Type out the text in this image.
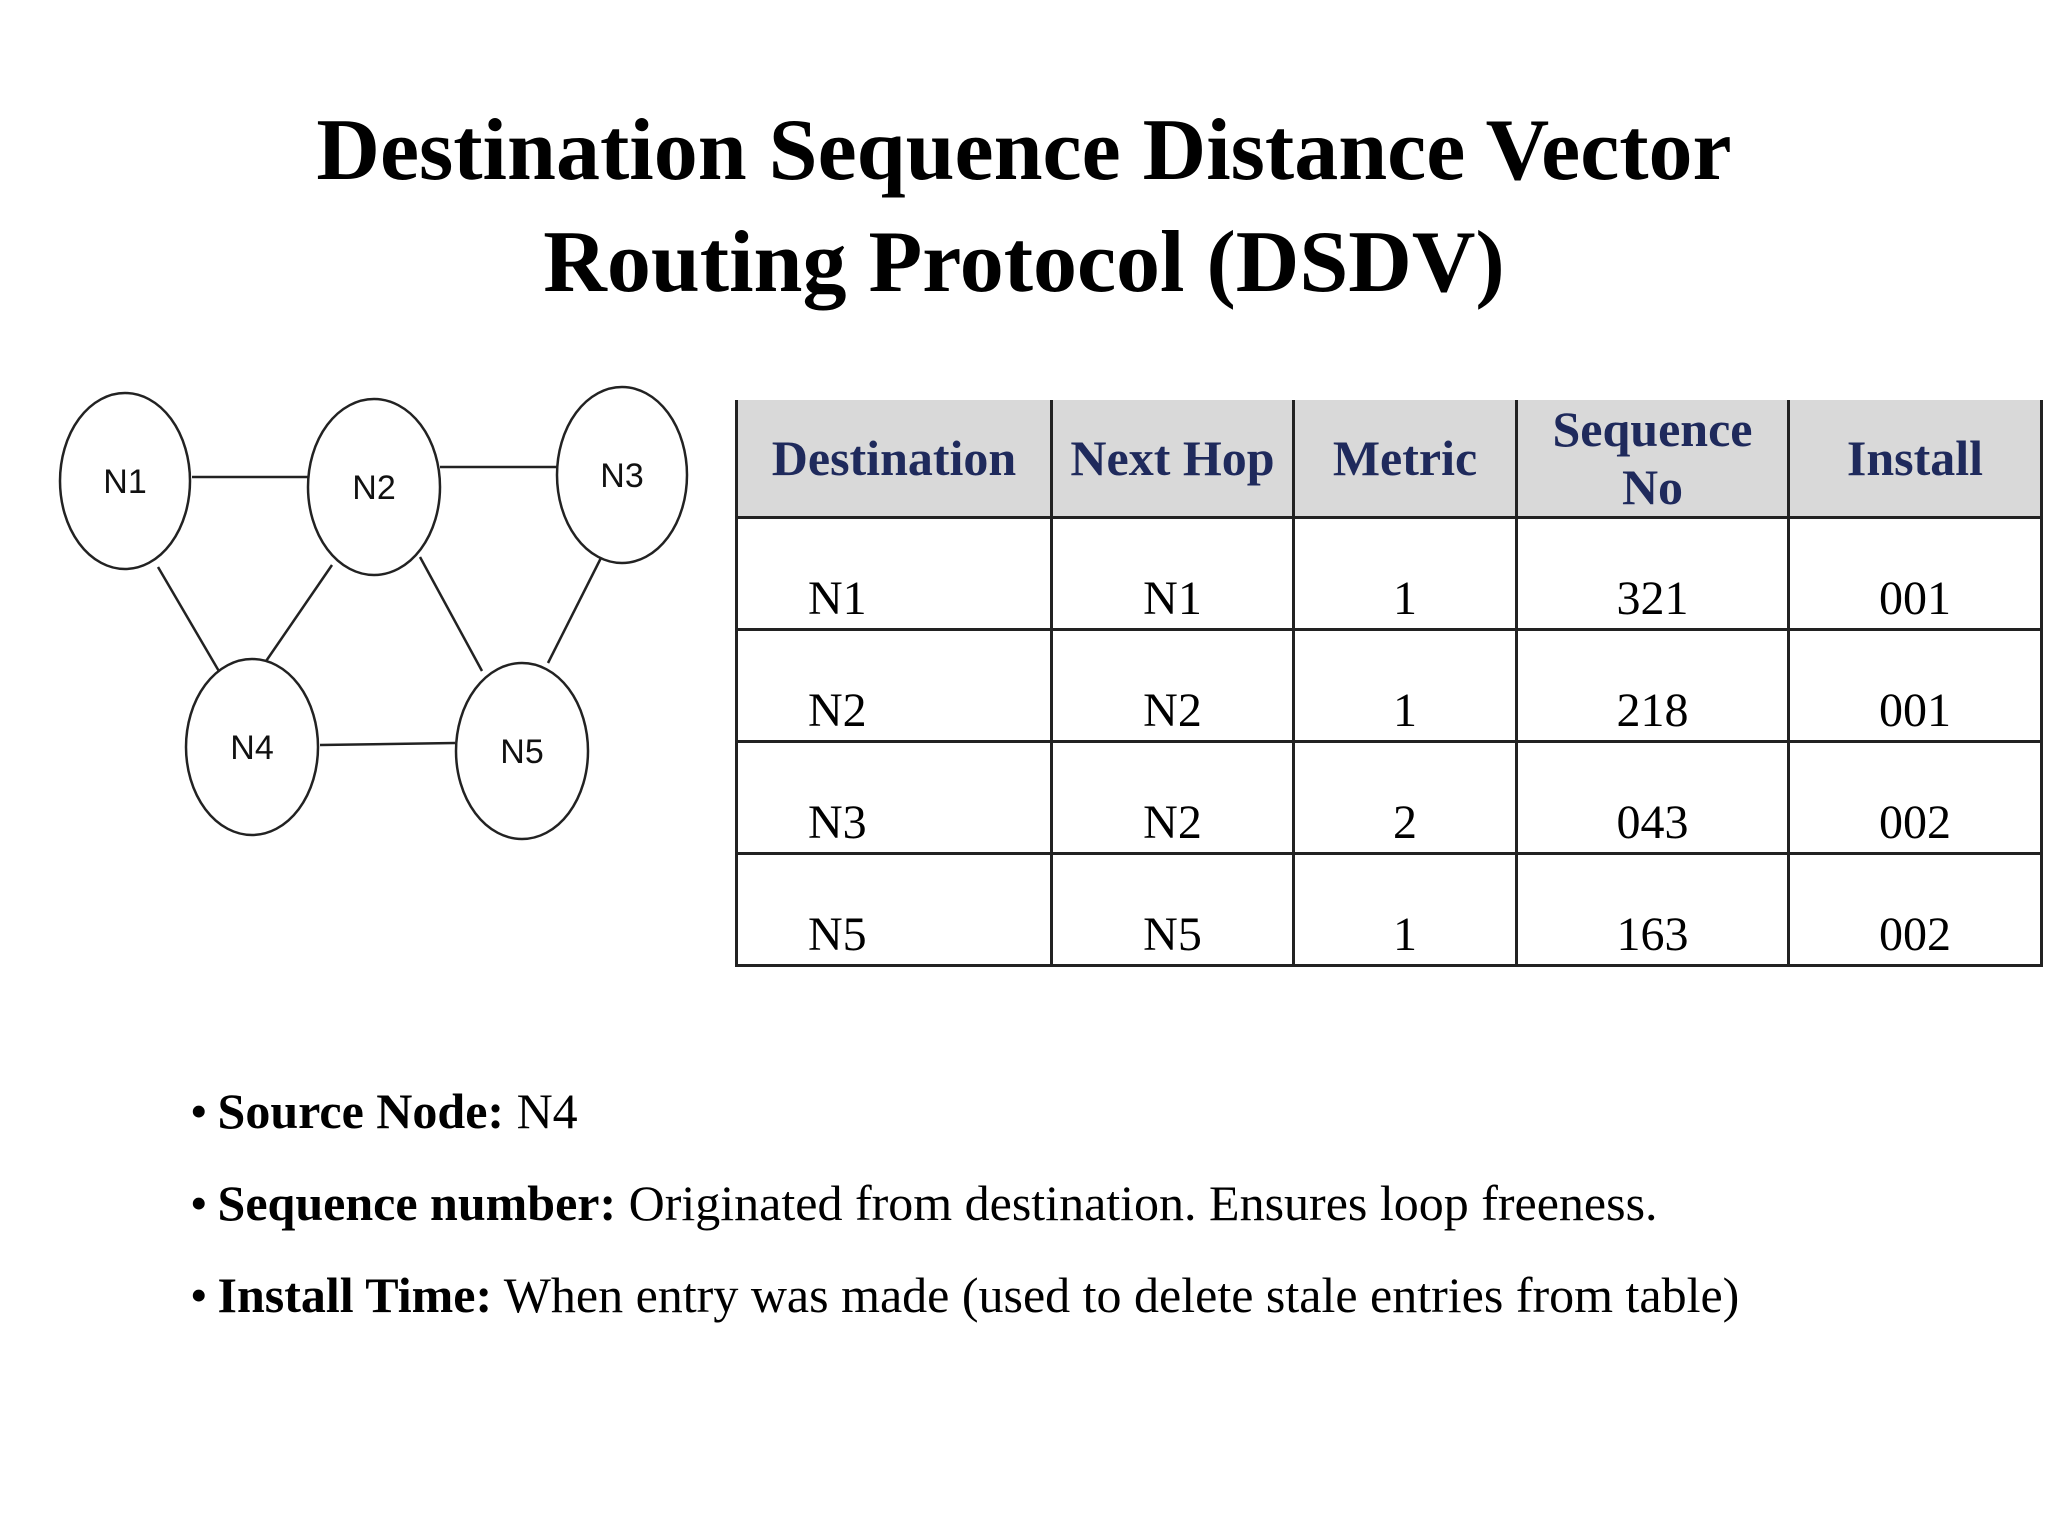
Destination Sequence Distance Vector
Routing Protocol (DSDV)
N1	N2	N3
N4	N5
Destination	Next Hop	Metric	Sequence No	Install
N1	N1	1	321	001
N2	N2	1	218	001
N3	N2	2	043	002
N5	N5	1	163	002
• Source Node: N4
• Sequence number: Originated from destination. Ensures loop freeness.
• Install Time: When entry was made (used to delete stale entries from table)
